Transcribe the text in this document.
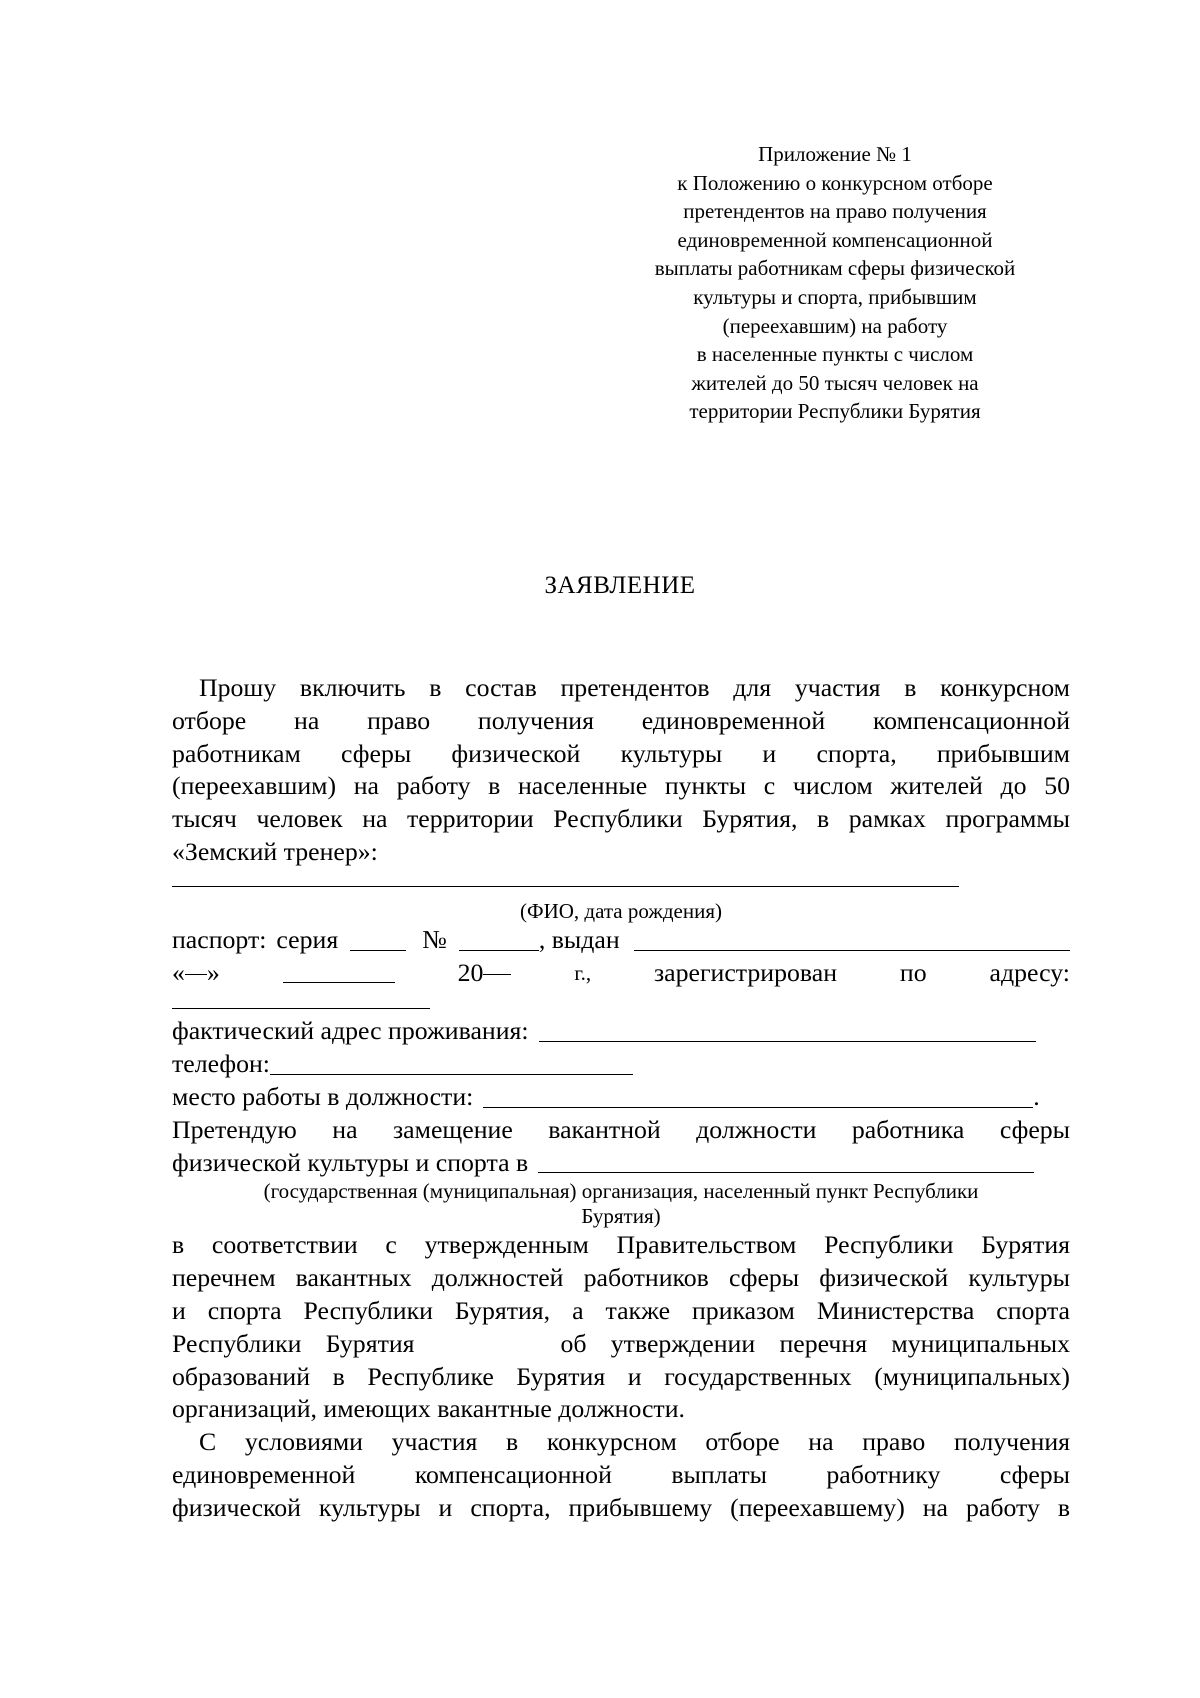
Приложение № 1
к Положению о конкурсном отборе
претендентов на право получения
единовременной компенсационной
выплаты работникам сферы физической
культуры и спорта, прибывшим
(переехавшим) на работу
в населенные пункты с числом
жителей до 50 тысяч человек на
территории Республики Бурятия
ЗАЯВЛЕНИЕ
Прошу включить в состав претендентов для участия в конкурсном
отборе на право получения единовременной компенсационной
работникам сферы физической культуры и спорта, прибывшим
(переехавшим) на работу в населенные пункты с числом жителей до 50
тысяч человек на территории Республики Бурятия, в рамках программы
«Земский тренер»:
(ФИО, дата рождения)
паспорт: серия	№	, выдан
« »	20	г., зарегистрирован по адресу:
фактический адрес проживания:
телефон:
место работы в должности:	.
Претендую на замещение вакантной должности работника сферы
физической культуры и спорта в
(государственная (муниципальная) организация, населенный пункт Республики
Бурятия)
в соответствии с утвержденным Правительством Республики Бурятия
перечнем вакантных должностей работников сферы физической культуры
и спорта Республики Бурятия, а также приказом Министерства спорта
Республики Бурятия      об утверждении перечня муниципальных
образований в Республике Бурятия и государственных (муниципальных)
организаций, имеющих вакантные должности.
С условиями участия в конкурсном отборе на право получения
единовременной компенсационной выплаты работнику сферы
физической культуры и спорта, прибывшему (переехавшему) на работу в
